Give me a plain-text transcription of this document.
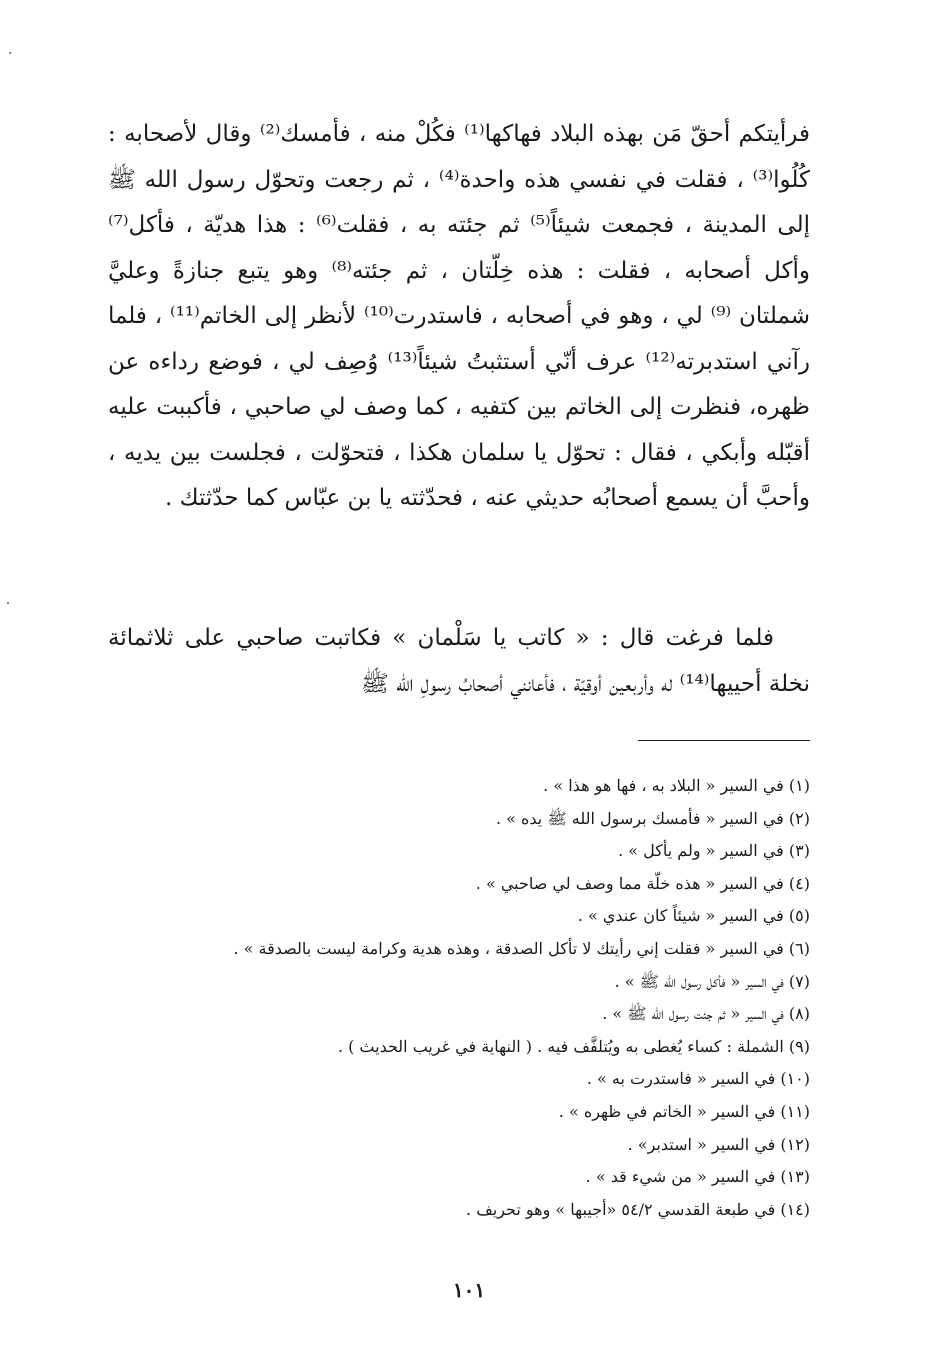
فرأيتكم أحقّ مَن بهذه البلاد فهاكها⁽¹⁾ فكُلْ منه ، فأمسك⁽²⁾ وقال لأصحابه : كُلُوا⁽³⁾ ، فقلت في نفسي هذه واحدة⁽⁴⁾ ، ثم رجعت وتحوّل رسول الله ﷺ إلى المدينة ، فجمعت شيئاً⁽⁵⁾ ثم جئته به ، فقلت⁽⁶⁾ : هذا هديّة ، فأكل⁽⁷⁾ وأكل أصحابه ، فقلت : هذه خِلّتان ، ثم جئته⁽⁸⁾ وهو يتبع جنازةً وعليَّ شملتان ⁽⁹⁾ لي ، وهو في أصحابه ، فاستدرت⁽¹⁰⁾ لأنظر إلى الخاتم⁽¹¹⁾ ، فلما رآني استدبرته⁽¹²⁾ عرف أنّي أستثبتُ شيئاً⁽¹³⁾ وُصِف لي ، فوضع رداءه عن ظهره، فنظرت إلى الخاتم بين كتفيه ، كما وصف لي صاحبي ، فأكببت عليه أقبّله وأبكي ، فقال : تحوّل يا سلمان هكذا ، فتحوّلت ، فجلست بين يديه ، وأحبَّ أن يسمع أصحابُه حديثي عنه ، فحدّثته يا بن عبّاس كما حدّثتك .

فلما فرغت قال : « كاتب يا سَلْمان » فكاتبت صاحبي على ثلاثمائة نخلة أحييها⁽¹⁴⁾ له وأربعين أوقيّة ، فأعانني أصحابُ رسولِ الله ﷺ

(١) في السير « البلاد به ، فها هو هذا » .
(٢) في السير « فأمسك برسول الله ﷺ يده » .
(٣) في السير « ولم يأكل » .
(٤) في السير « هذه خلّة مما وصف لي صاحبي » .
(٥) في السير « شيئاً كان عندي » .
(٦) في السير « فقلت إني رأيتك لا تأكل الصدقة ، وهذه هدية وكرامة ليست بالصدقة » .
(٧) في السير « فأكل رسول الله ﷺ » .
(٨) في السير « ثم جئت رسول الله ﷺ » .
(٩) الشملة : كساء يُغطى به ويُتلفَّف فيه . ( النهاية في غريب الحديث ) .
(١٠) في السير « فاستدرت به » .
(١١) في السير « الخاتم في ظهره » .
(١٢) في السير « استدبر» .
(١٣) في السير « من شيء قد » .
(١٤) في طبعة القدسي ٥٤/٢ «أجيبها » وهو تحريف .
١٠١
